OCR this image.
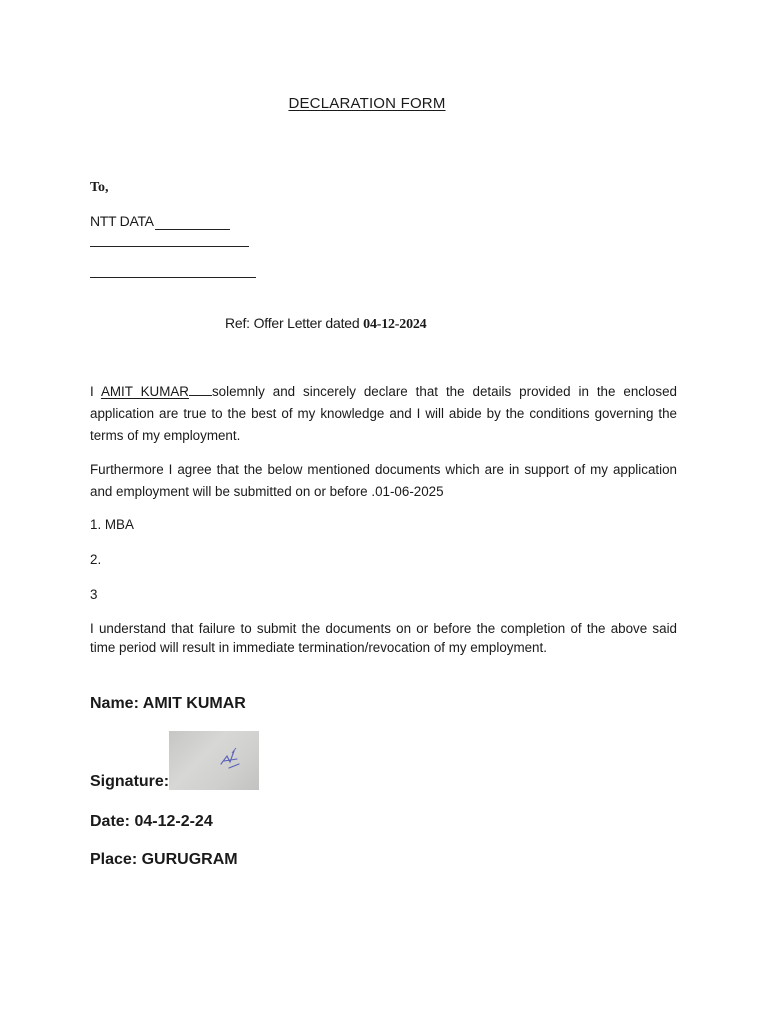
DECLARATION FORM
To,
NTT DATA
Ref: Offer Letter dated 04-12-2024
I AMIT KUMAR solemnly and sincerely declare that the details provided in the enclosed application are true to the best of my knowledge and I will abide by the conditions governing the terms of my employment.
Furthermore I agree that the below mentioned documents which are in support of my application and employment will be submitted on or before .01-06-2025
1. MBA
2.
3
I understand that failure to submit the documents on or before the completion of the above said time period will result in immediate termination/revocation of my employment.
Name: AMIT KUMAR
Signature:
Date: 04-12-2-24
Place: GURUGRAM
